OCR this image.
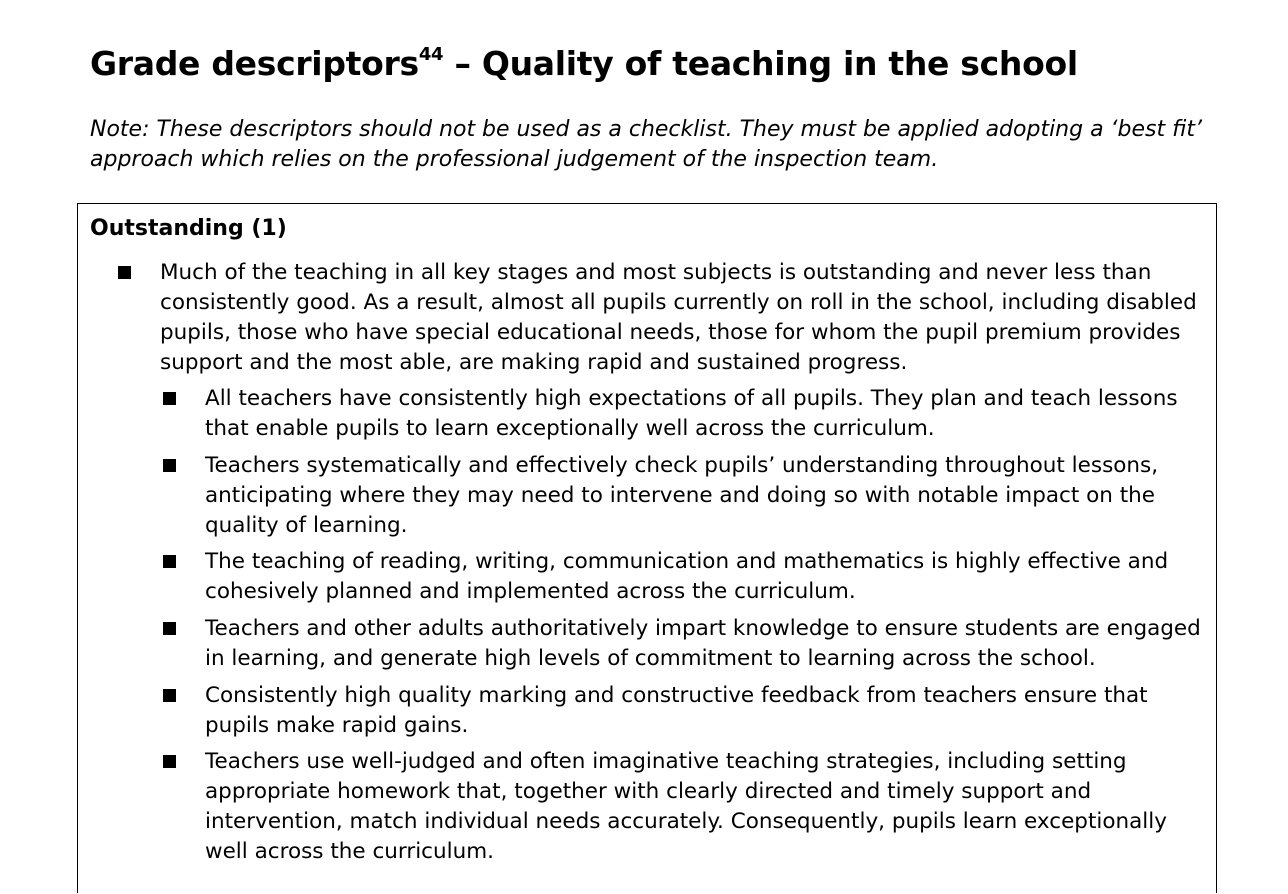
Grade descriptors$^{44}$ – Quality of teaching in the school

Note: These descriptors should not be used as a checklist. They must be applied adopting a ‘best fit’ approach which relies on the professional judgement of the inspection team.

Outstanding (1)
Much of the teaching in all key stages and most subjects is outstanding and never less than consistently good. As a result, almost all pupils currently on roll in the school, including disabled pupils, those who have special educational needs, those for whom the pupil premium provides support and the most able, are making rapid and sustained progress.
All teachers have consistently high expectations of all pupils. They plan and teach lessons that enable pupils to learn exceptionally well across the curriculum.
Teachers systematically and effectively check pupils’ understanding throughout lessons, anticipating where they may need to intervene and doing so with notable impact on the quality of learning.
The teaching of reading, writing, communication and mathematics is highly effective and cohesively planned and implemented across the curriculum.
Teachers and other adults authoritatively impart knowledge to ensure students are engaged in learning, and generate high levels of commitment to learning across the school.
Consistently high quality marking and constructive feedback from teachers ensure that pupils make rapid gains.
Teachers use well-judged and often imaginative teaching strategies, including setting appropriate homework that, together with clearly directed and timely support and intervention, match individual needs accurately. Consequently, pupils learn exceptionally well across the curriculum.
